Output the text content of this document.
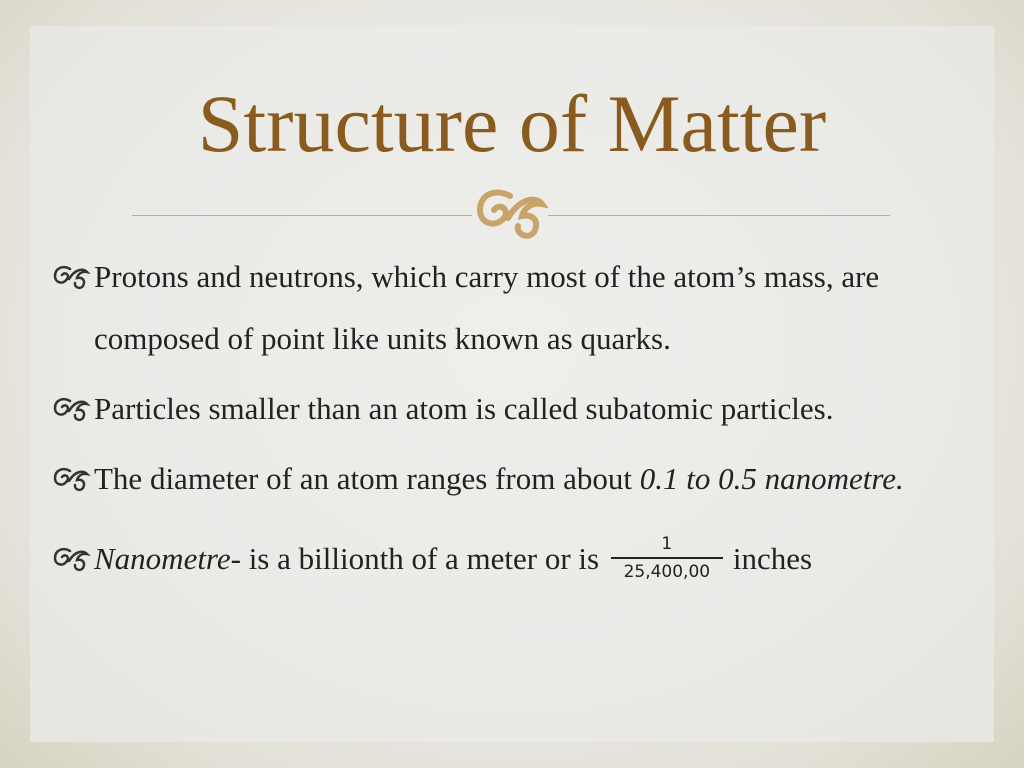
Structure of Matter
Protons and neutrons, which carry most of the atom’s mass, are composed of point like units known as quarks.
Particles smaller than an atom is called subatomic particles.
The diameter of an atom ranges from about 0.1 to 0.5 nanometre.
Nanometre- is a billionth of a meter or is $\frac{1}{25,400,00}$ inches
